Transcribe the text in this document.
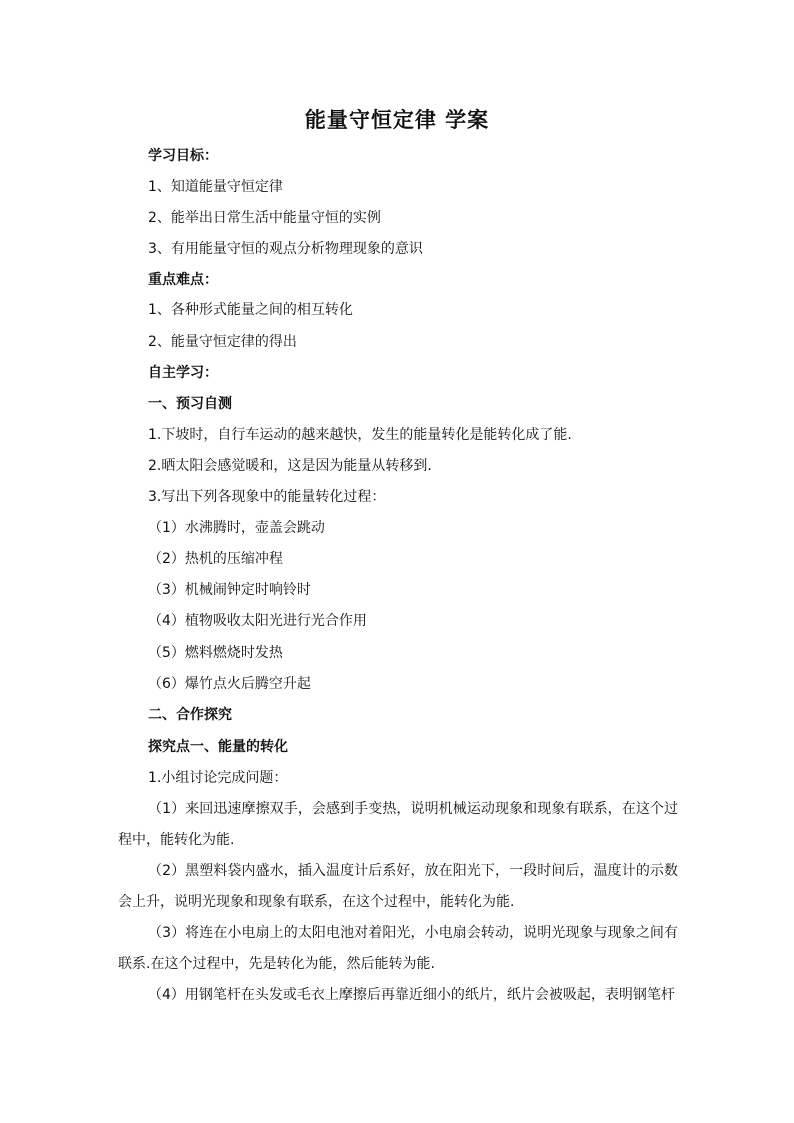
能量守恒定律 学案
学习目标：
1、知道能量守恒定律
2、能举出日常生活中能量守恒的实例
3、有用能量守恒的观点分析物理现象的意识
重点难点：
1、各种形式能量之间的相互转化
2、能量守恒定律的得出
自主学习：
一、预习自测
1.下坡时，自行车运动的越来越快，发生的能量转化是能转化成了能.
2.晒太阳会感觉暖和，这是因为能量从转移到.
3.写出下列各现象中的能量转化过程：
（1）水沸腾时，壶盖会跳动
（2）热机的压缩冲程
（3）机械闹钟定时响铃时
（4）植物吸收太阳光进行光合作用
（5）燃料燃烧时发热
（6）爆竹点火后腾空升起
二、合作探究
探究点一、能量的转化
1.小组讨论完成问题：
（1）来回迅速摩擦双手，会感到手变热，说明机械运动现象和现象有联系，在这个过程中，能转化为能.
（2）黑塑料袋内盛水，插入温度计后系好，放在阳光下，一段时间后，温度计的示数会上升，说明光现象和现象有联系，在这个过程中，能转化为能.
（3）将连在小电扇上的太阳电池对着阳光，小电扇会转动，说明光现象与现象之间有联系.在这个过程中，先是转化为能，然后能转为能.
（4）用钢笔杆在头发或毛衣上摩擦后再靠近细小的纸片，纸片会被吸起，表明钢笔杆
